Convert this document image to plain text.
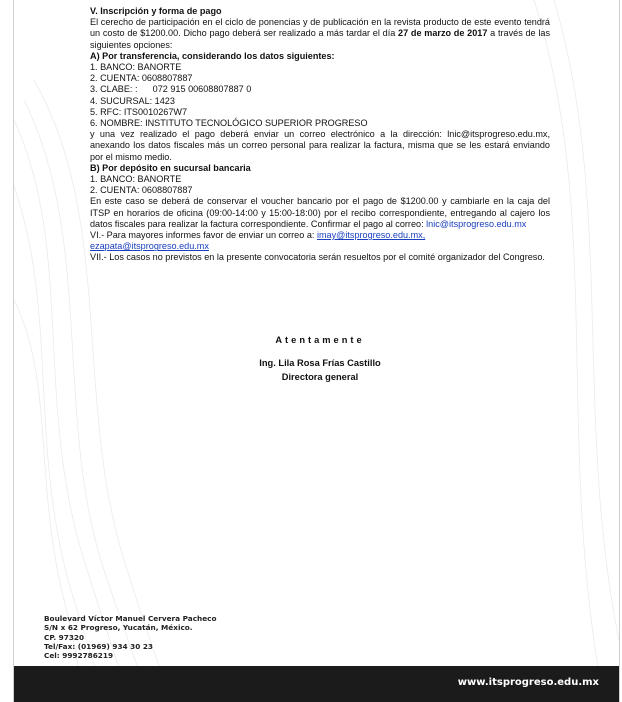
V. Inscripción y forma de pago

El cerecho de participación en el ciclo de ponencias y de publicación en la revista producto de este evento tendrá un costo de $1200.00. Dicho pago deberá ser realizado a más tardar el día 27 de marzo de 2017 a través de las siguientes opciones:

A) Por transferencia, considerando los datos siguientes:

1. BANCO: BANORTE

2. CUENTA: 0608807887

3. CLABE: :      072 915 00608807887 0

4. SUCURSAL: 1423

5. RFC: ITS0010267W7

6. NOMBRE: INSTITUTO TECNOLÓGICO SUPERIOR PROGRESO

y una vez realizado el pago deberá enviar un correo electrónico a la dirección: lnic@itsprogreso.edu.mx, anexando los datos fiscales más un correo personal para realizar la factura, misma que se les estará enviando por el mismo medio.

B) Por depósito en sucursal bancaria

1. BANCO: BANORTE

2. CUENTA: 0608807887

En este caso se deberá de conservar el voucher bancario por el pago de $1200.00 y cambiarle en la caja del ITSP en horarios de oficina (09:00-14:00 y 15:00-18:00) por el recibo correspondiente, entregando al cajero los datos fiscales para realizar la factura correspondiente. Confirmar el pago al correo: lnic@itsprogreso.edu.mx

VI.- Para mayores informes favor de enviar un correo a: imay@itsprogreso.edu.mx,
ezapata@itsprogreso.edu.mx

VII.- Los casos no previstos en la presente convocatoria serán resueltos por el comité organizador del Congreso.

Atentamente
Ing. Lila Rosa Frías Castillo
Directora general
Boulevard Víctor Manuel Cervera Pacheco
S/N x 62 Progreso, Yucatán, México.
CP. 97320
Tel/Fax: (01969) 934 30 23
Cel: 9992786219
www.itsprogreso.edu.mx
